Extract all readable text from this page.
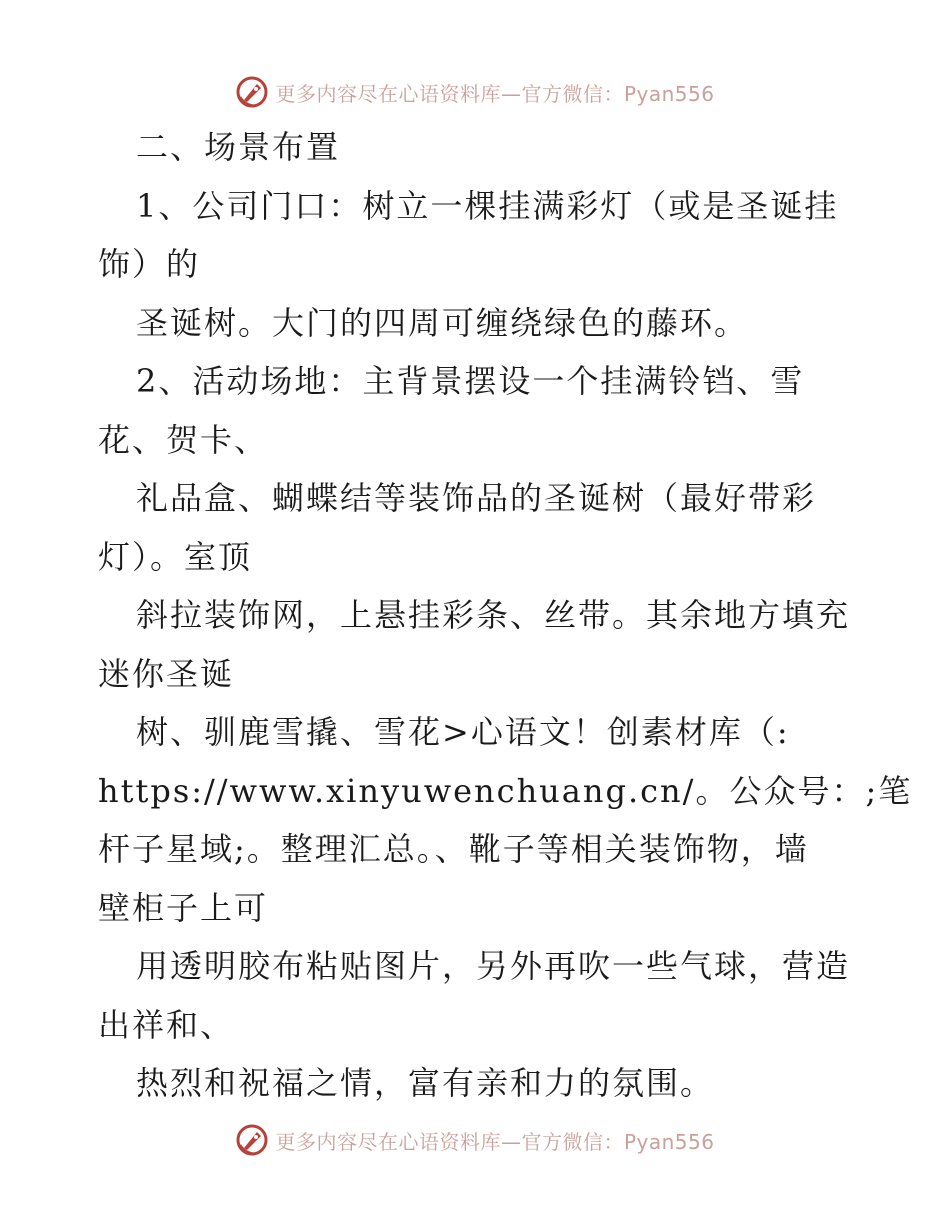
更多内容尽在心语资料库—官方微信：Pyan556
二、场景布置
1、公司门口：树立一棵挂满彩灯（或是圣诞挂
饰）的
圣诞树。大门的四周可缠绕绿色的藤环。
2、活动场地：主背景摆设一个挂满铃铛、雪
花、贺卡、
礼品盒、蝴蝶结等装饰品的圣诞树（最好带彩
灯）。室顶
斜拉装饰网，上悬挂彩条、丝带。其余地方填充
迷你圣诞
树、驯鹿雪撬、雪花>心语文！创素材库（:
https://www.xinyuwenchuang.cn/。公众号：;笔
杆子星域;。整理汇总。、靴子等相关装饰物，墙
壁柜子上可
用透明胶布粘贴图片，另外再吹一些气球，营造
出祥和、
热烈和祝福之情，富有亲和力的氛围。
更多内容尽在心语资料库—官方微信：Pyan556
